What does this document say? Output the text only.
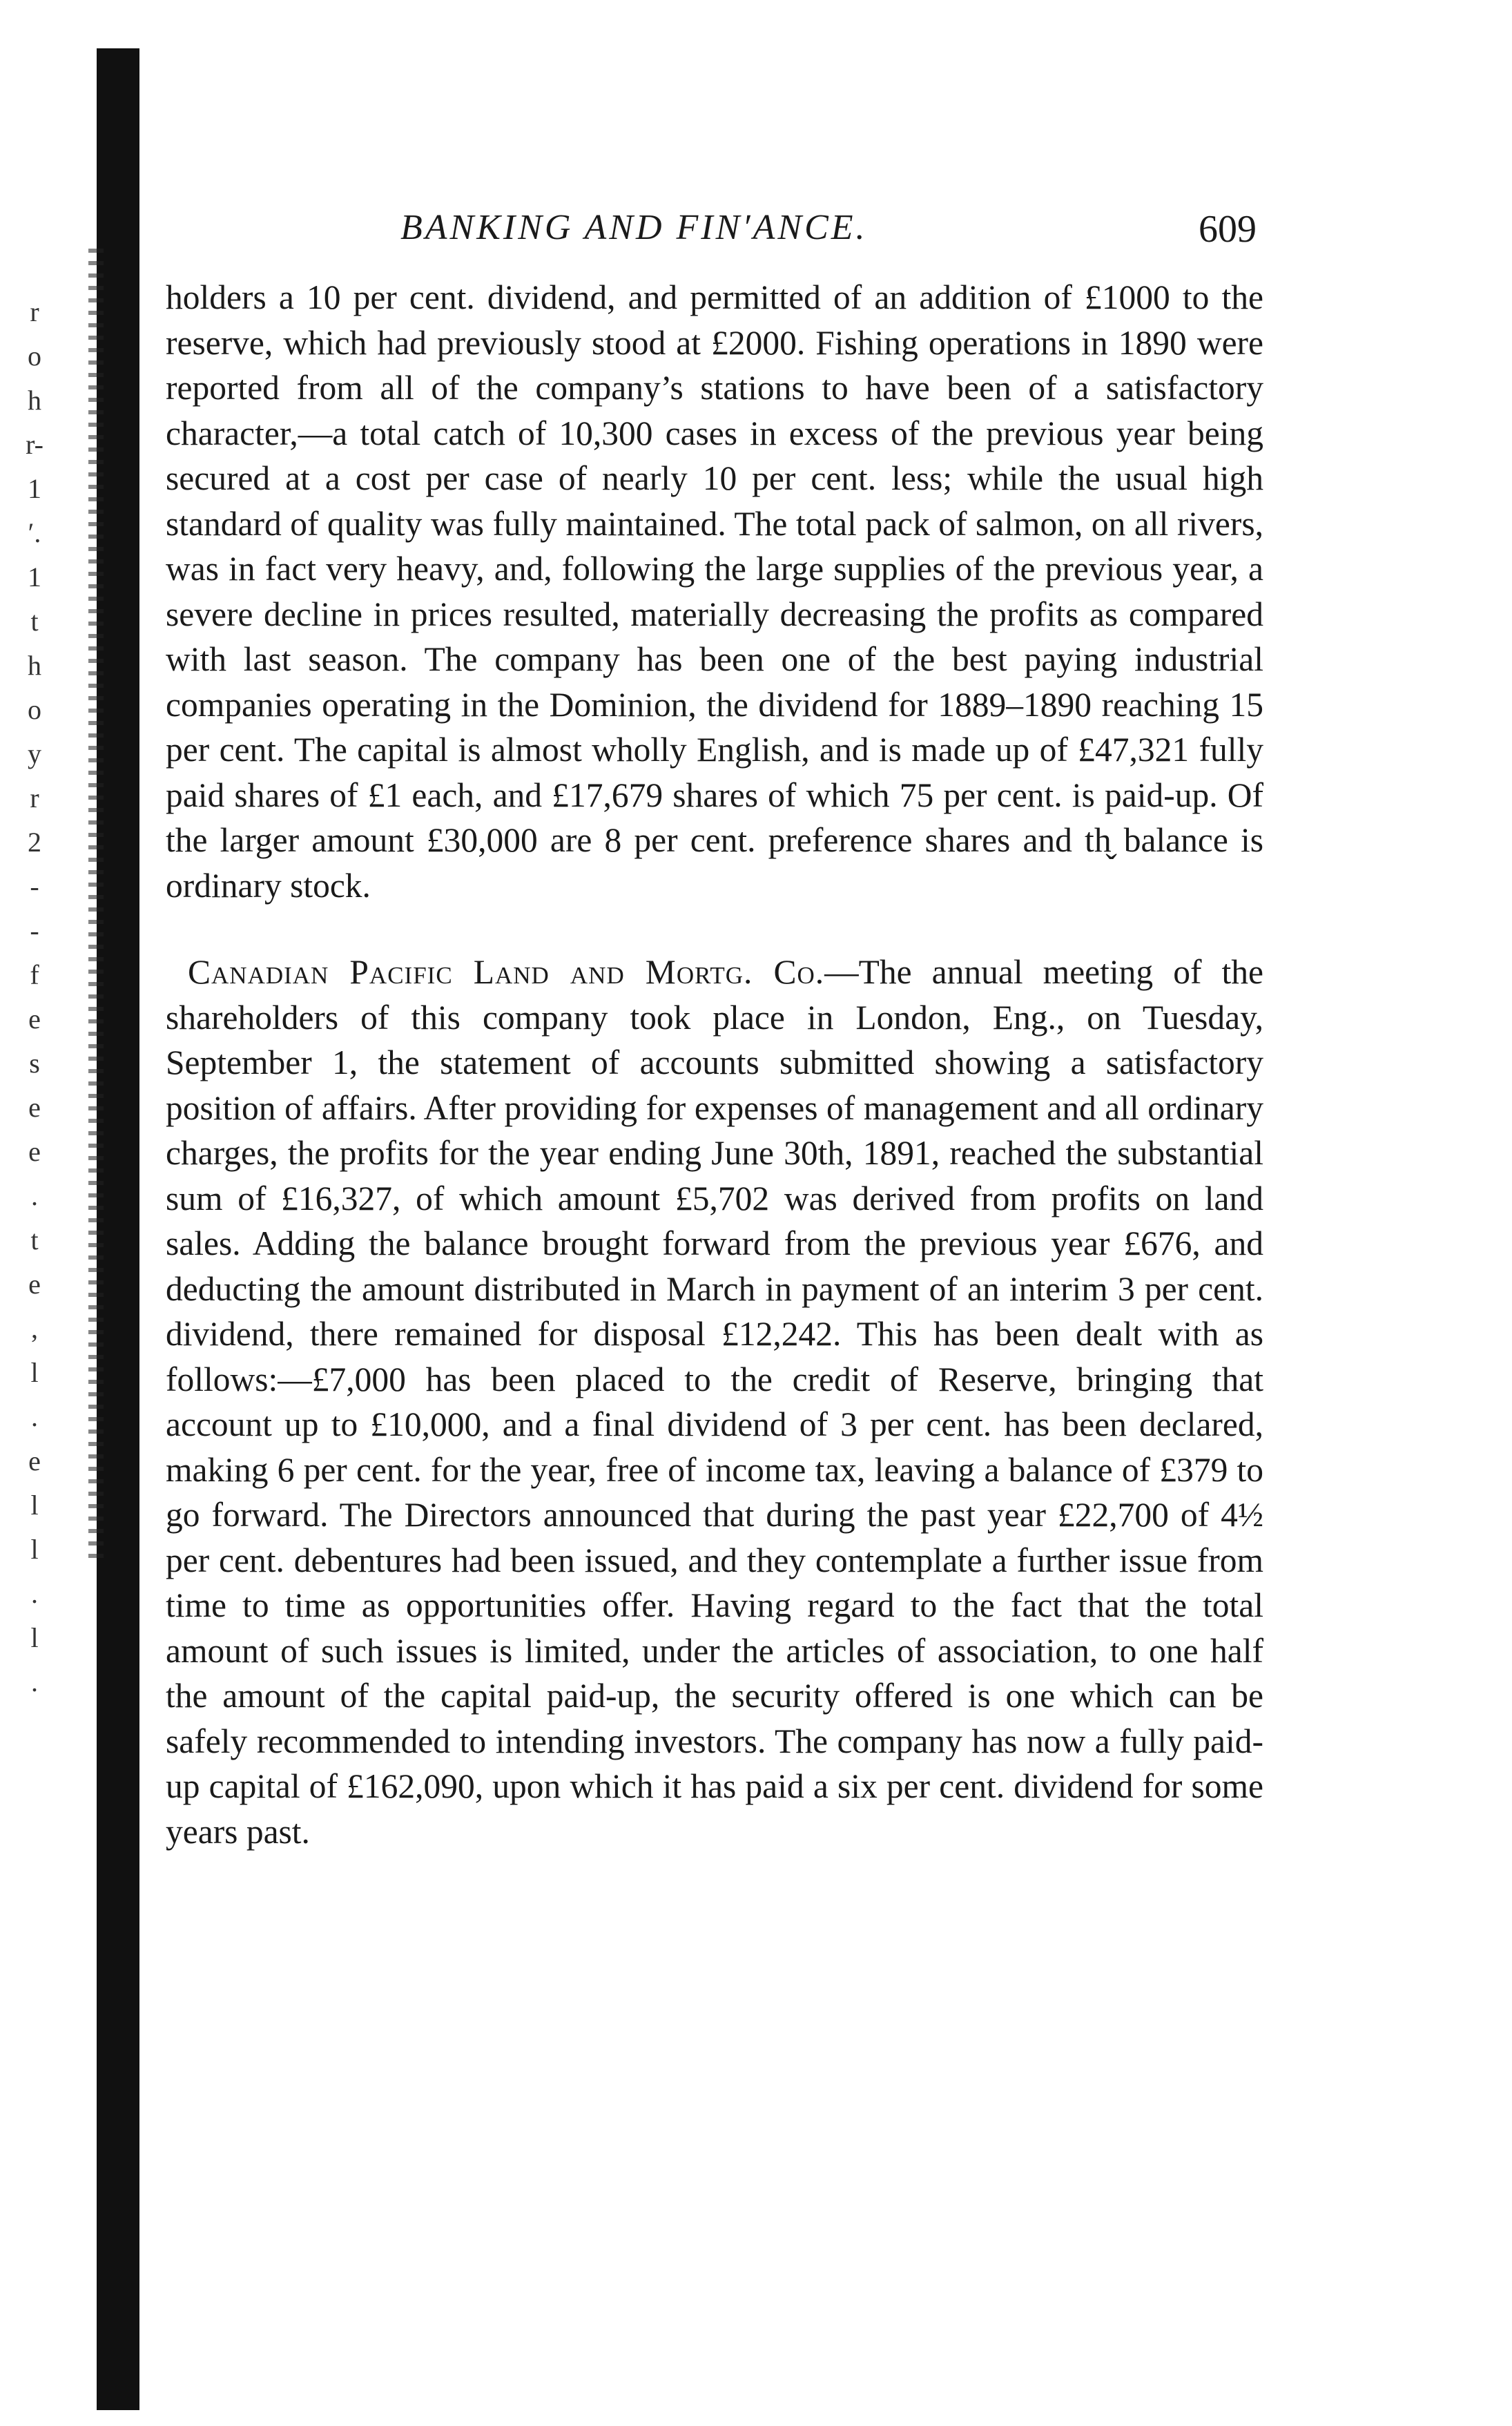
r
o
h
r-
1
′.
1
t
h
o
y
r
2
-
-
f
e
s
e
e
.
t
e
,
l
.
e
l
l
.
l
.
BANKING AND FIN′ANCE.	609

holders a 10 per cent. dividend, and permitted of an addition of £1000 to the reserve, which had previously stood at £2000. Fishing operations in 1890 were reported from all of the company’s stations to have been of a satisfactory character,—a total catch of 10,300 cases in excess of the previous year being secured at a cost per case of nearly 10 per cent. less; while the usual high standard of quality was fully maintained. The total pack of salmon, on all rivers, was in fact very heavy, and, following the large supplies of the previous year, a severe decline in prices resulted, materially decreasing the profits as compared with last season. The company has been one of the best paying industrial companies operating in the Dominion, the dividend for 1889–1890 reaching 15 per cent. The capital is almost wholly English, and is made up of £47,321 fully paid shares of £1 each, and £17,679 shares of which 75 per cent. is paid-up. Of the larger amount £30,000 are 8 per cent. preference shares and th̬ balance is ordinary stock.

Canadian Pacific Land and Mortg. Co.—The annual meeting of the shareholders of this company took place in London, Eng., on Tuesday, September 1, the statement of accounts submitted showing a satisfactory position of affairs. After providing for expenses of management and all ordinary charges, the profits for the year ending June 30th, 1891, reached the substantial sum of £16,327, of which amount £5,702 was derived from profits on land sales. Adding the balance brought forward from the previous year £676, and deducting the amount distributed in March in payment of an interim 3 per cent. dividend, there remained for disposal £12,242. This has been dealt with as follows:—£7,000 has been placed to the credit of Reserve, bringing that account up to £10,000, and a final dividend of 3 per cent. has been declared, making 6 per cent. for the year, free of income tax, leaving a balance of £379 to go forward. The Directors announced that during the past year £22,700 of 4½ per cent. debentures had been issued, and they contemplate a further issue from time to time as opportunities offer. Having regard to the fact that the total amount of such issues is limited, under the articles of association, to one half the amount of the capital paid-up, the security offered is one which can be safely recommended to intending investors. The company has now a fully paid-up capital of £162,090, upon which it has paid a six per cent. dividend for some years past.
